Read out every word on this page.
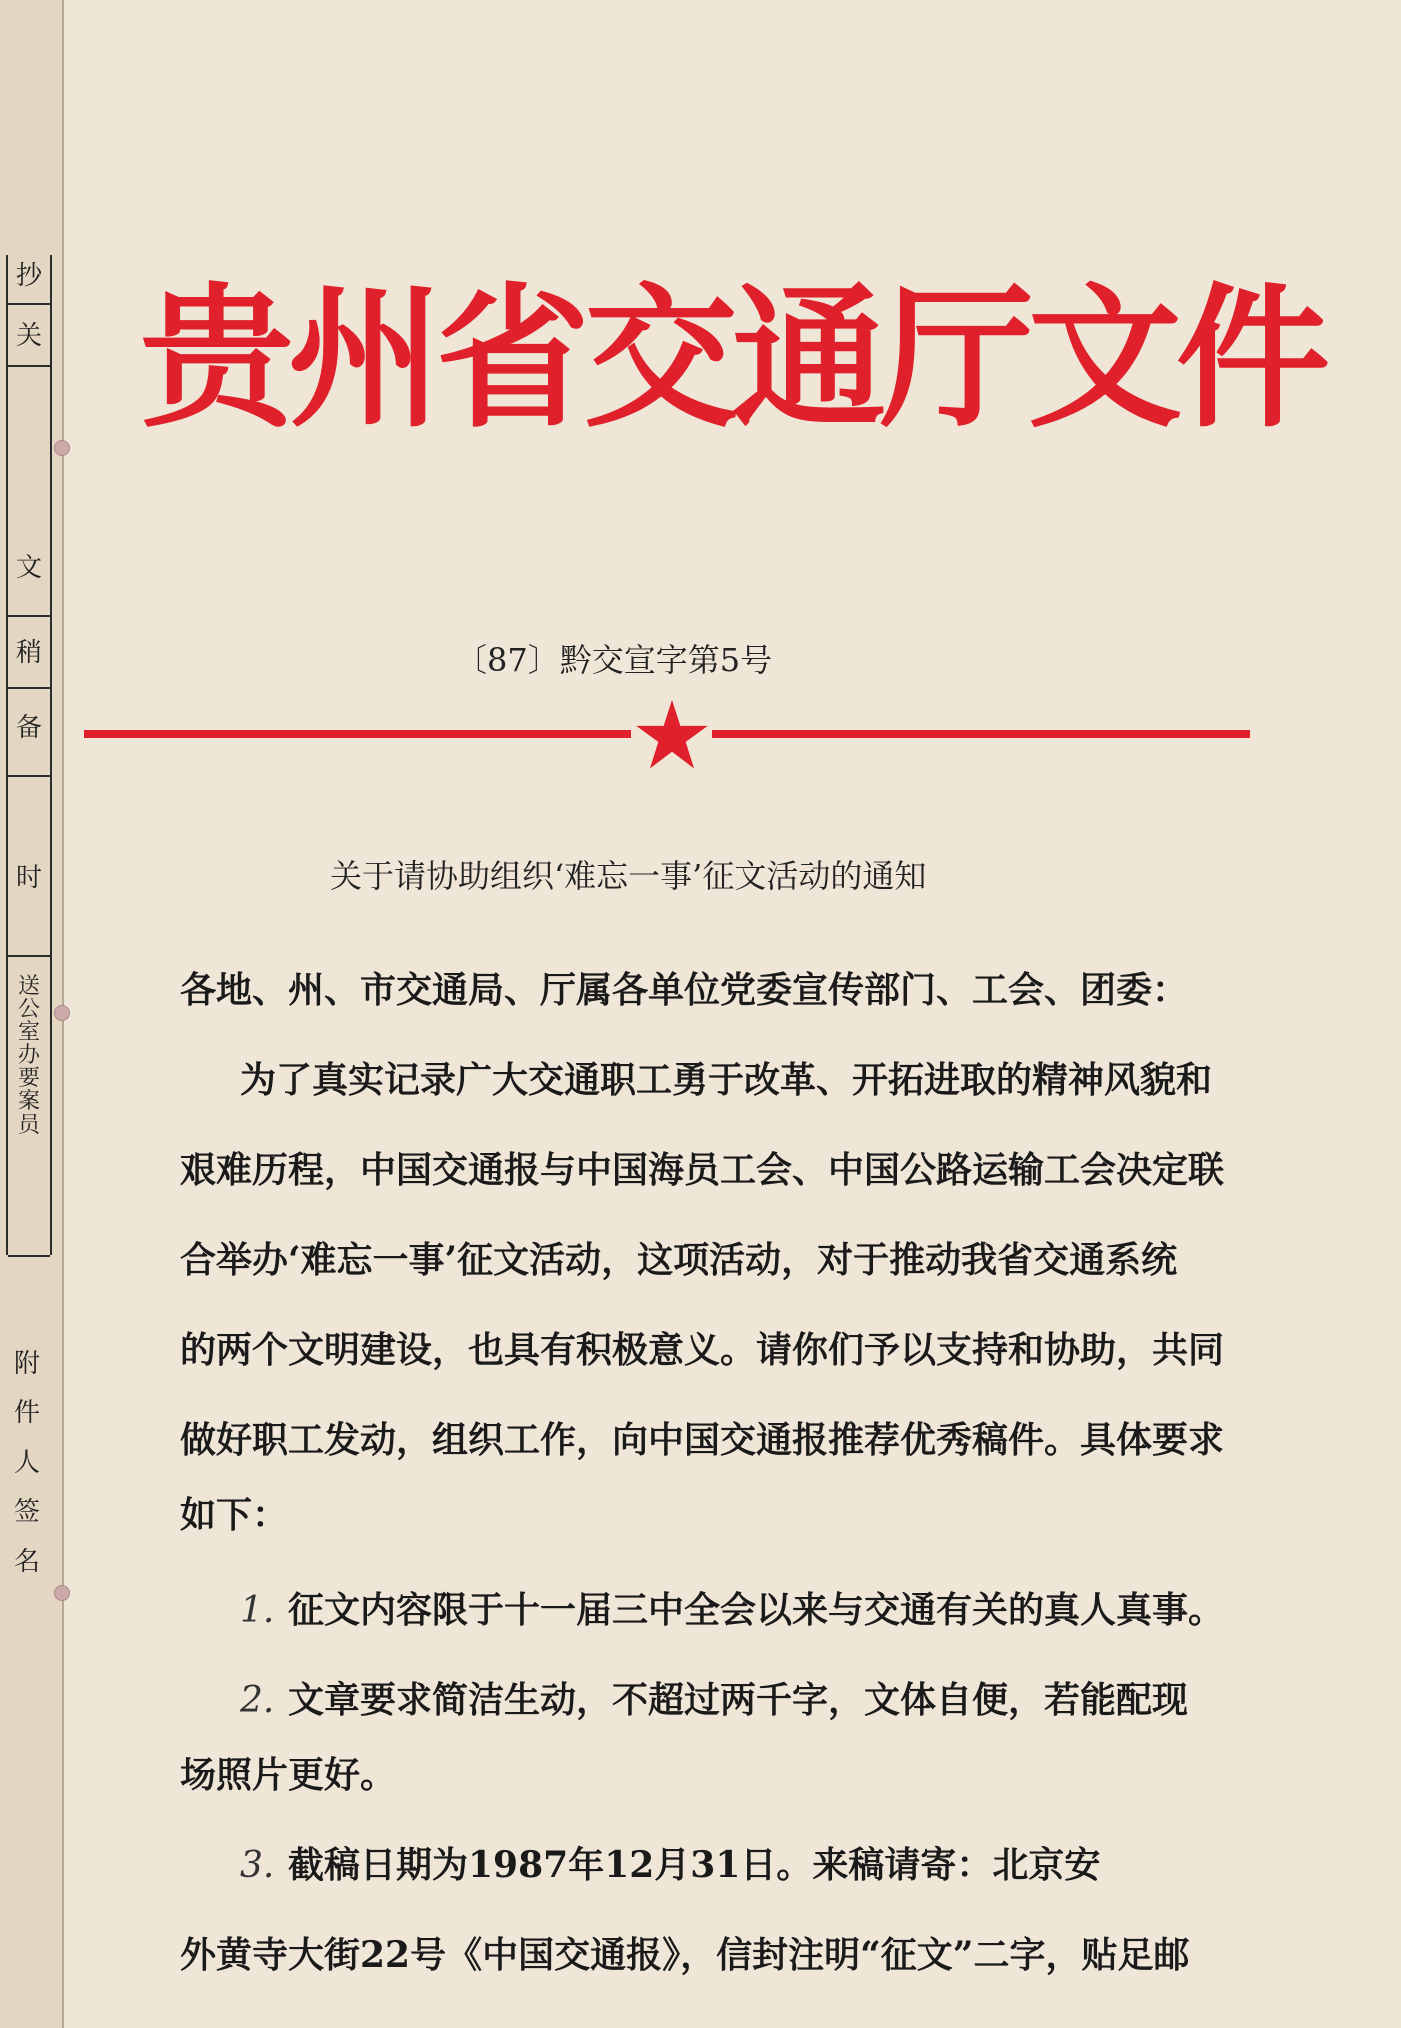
抄
关
文
稍
备
时
送公室办要案员
附件人签名
贵州省交通厅文件
〔87〕黔交宣字第5号
关于请协助组织‘难忘一事’征文活动的通知
各地、州、市交通局、厅属各单位党委宣传部门、工会、团委：
为了真实记录广大交通职工勇于改革、开拓进取的精神风貌和
艰难历程，中国交通报与中国海员工会、中国公路运输工会决定联
合举办‘难忘一事’征文活动，这项活动，对于推动我省交通系统
的两个文明建设，也具有积极意义。请你们予以支持和协助，共同
做好职工发动，组织工作，向中国交通报推荐优秀稿件。具体要求
如下：
1. 征文内容限于十一届三中全会以来与交通有关的真人真事。
2. 文章要求简洁生动，不超过两千字，文体自便，若能配现
场照片更好。
3. 截稿日期为1987年12月31日。来稿请寄：北京安
外黄寺大街22号《中国交通报》，信封注明“征文”二字，贴足邮
